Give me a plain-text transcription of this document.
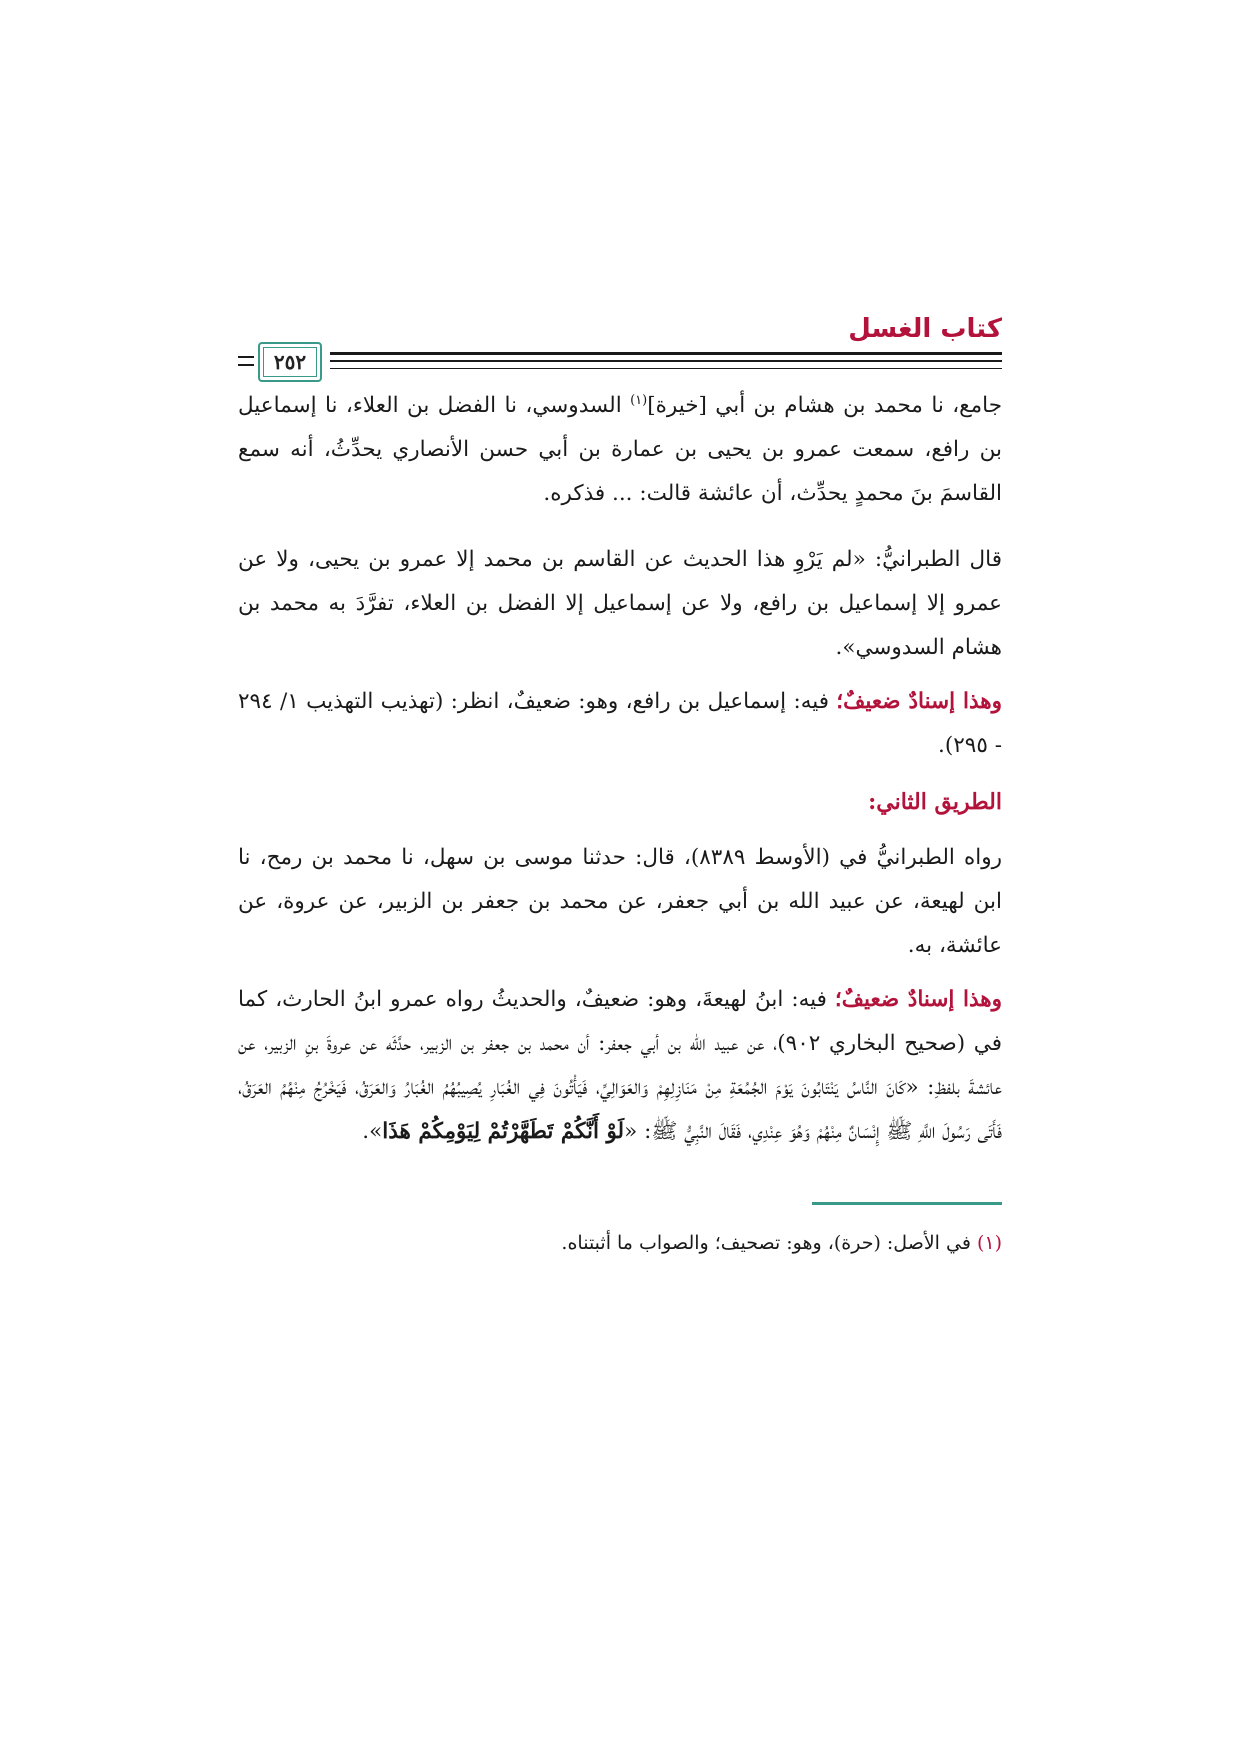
كتاب الغسل
٢٥٢

جامع، نا محمد بن هشام بن أبي [خيرة]$^{(١)}$ السدوسي، نا الفضل بن العلاء، نا إسماعيل بن رافع، سمعت عمرو بن يحيى بن عمارة بن أبي حسن الأنصاري يحدِّثُ، أنه سمع القاسمَ بنَ محمدٍ يحدِّث، أن عائشة قالت: ... فذكره.

قال الطبرانيُّ: «لم يَرْوِ هذا الحديث عن القاسم بن محمد إلا عمرو بن يحيى، ولا عن عمرو إلا إسماعيل بن رافع، ولا عن إسماعيل إلا الفضل بن العلاء، تفرَّدَ به محمد بن هشام السدوسي».

وهذا إسنادٌ ضعيفٌ؛ فيه: إسماعيل بن رافع، وهو: ضعيفٌ، انظر: (تهذيب التهذيب ١/ ٢٩٤ - ٢٩٥).

الطريق الثاني:

رواه الطبرانيُّ في (الأوسط ٨٣٨٩)، قال: حدثنا موسى بن سهل، نا محمد بن رمح، نا ابن لهيعة، عن عبيد الله بن أبي جعفر، عن محمد بن جعفر بن الزبير، عن عروة، عن عائشة، به.

وهذا إسنادٌ ضعيفٌ؛ فيه: ابنُ لهيعةَ، وهو: ضعيفٌ، والحديثُ رواه عمرو ابنُ الحارث، كما في (صحيح البخاري ٩٠٢)، عن عبيد الله بن أبي جعفر: أن محمد بن جعفر بن الزبير، حدَّثَه عن عروةَ بنِ الزبير، عن عائشةَ بلفظِ: «كَانَ النَّاسُ يَنْتَابُونَ يَوْمَ الجُمُعَةِ مِنْ مَنَازِلِهِمْ وَالعَوَالِيِّ، فَيَأْتُونَ فِي الغُبَارِ يُصِيبُهُمُ الغُبَارُ وَالعَرَقُ، فَيَخْرُجُ مِنْهُمُ العَرَقُ، فَأَتَى رَسُولَ اللَّهِ ﷺ إِنْسَانٌ مِنْهُمْ وَهُوَ عِنْدِي، فَقَالَ النَّبِيُّ ﷺ: «لَوْ أَنَّكُمْ تَطَهَّرْتُمْ لِيَوْمِكُمْ هَذَا».

(١) في الأصل: (حرة)، وهو: تصحيف؛ والصواب ما أثبتناه.
